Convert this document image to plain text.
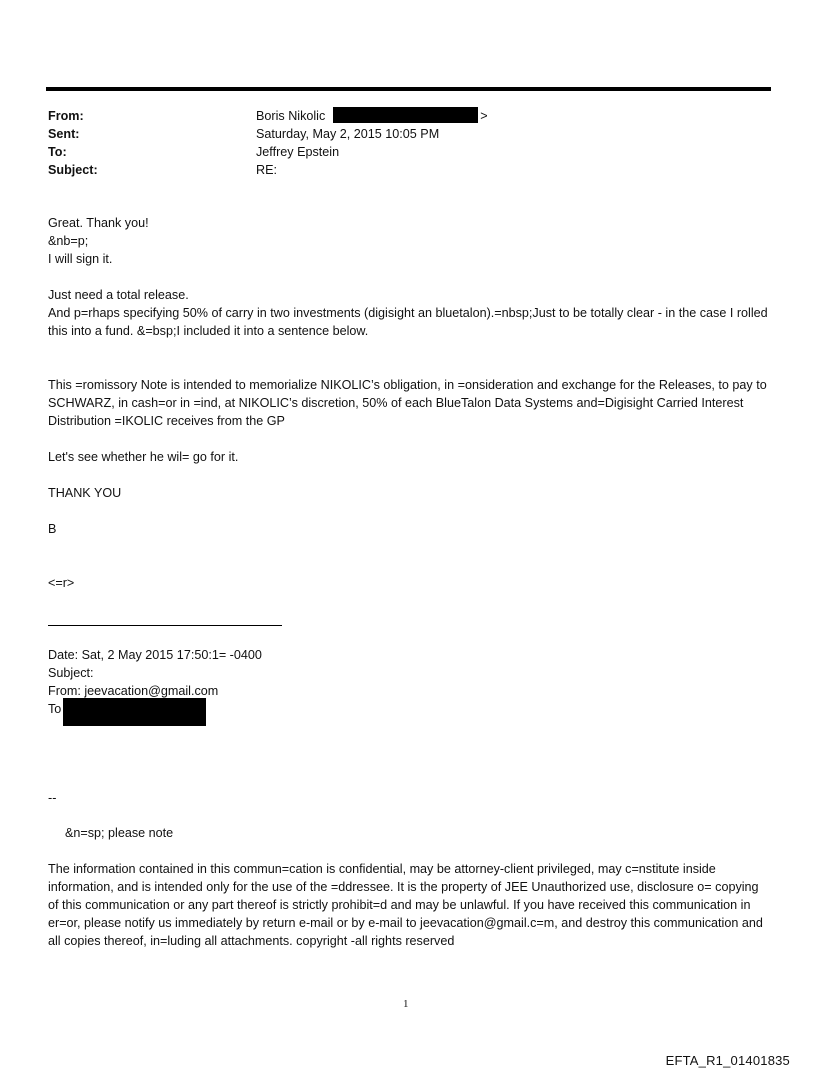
From:	Boris Nikolic	>
Sent:	Saturday, May 2, 2015 10:05 PM
To:	Jeffrey Epstein
Subject:	RE:

Great. Thank you!

&nb=p;

I will sign it.

Just need a total release.

And p=rhaps specifying 50% of carry in two investments (digisight an bluetalon).=nbsp;Just to be totally clear - in the case I rolled this into a fund. &=bsp;I included it into a sentence below.

This =romissory Note is intended to memorialize NIKOLIC’s obligation, in =onsideration and exchange for the Releases, to pay to SCHWARZ, in cash=or in =ind, at NIKOLIC’s discretion, 50% of each BlueTalon Data Systems and=Digisight Carried Interest Distribution =IKOLIC receives from the GP

Let's see whether he wil= go for it.

THANK YOU

B

<=r>

Date: Sat, 2 May 2015 17:50:1= -0400

Subject:

From: jeevacation@gmail.com

To

--
&n=sp; please note
The information contained in this commun=cation is confidential, may be attorney-client privileged, may c=nstitute inside information, and is intended only for the use of the =ddressee. It is the property of JEE Unauthorized use, disclosure o= copying of this communication or any part thereof is strictly prohibit=d and may be unlawful. If you have received this communication in er=or, please notify us immediately by return e-mail or by e-mail to jeevacation@gmail.c=m, and destroy this communication and all copies thereof, in=luding all attachments. copyright -all rights reserved
1
EFTA_R1_01401835
